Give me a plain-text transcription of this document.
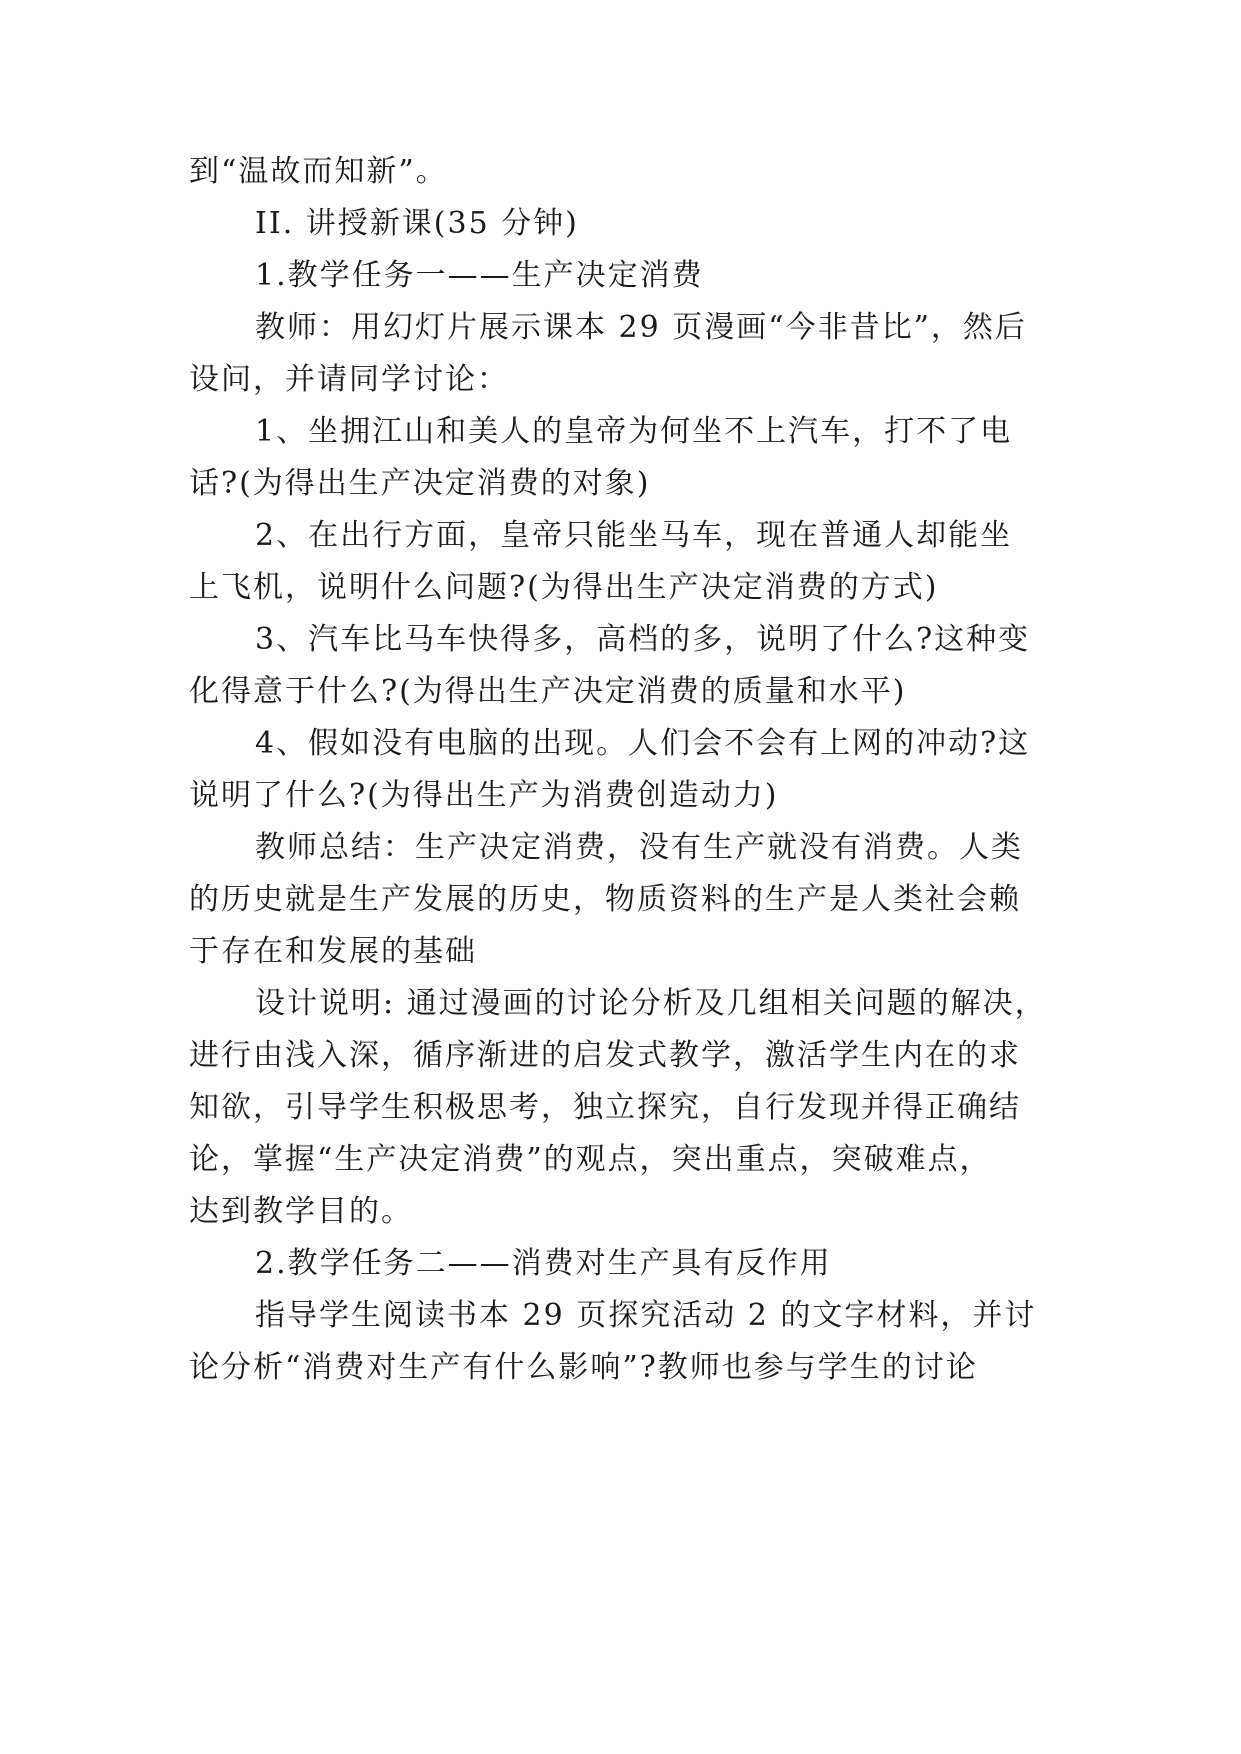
到“温故而知新”。
II. 讲授新课(35 分钟)
1.教学任务一——生产决定消费
教师：用幻灯片展示课本 29 页漫画“今非昔比”，然后
设问，并请同学讨论：
1、坐拥江山和美人的皇帝为何坐不上汽车，打不了电
话?(为得出生产决定消费的对象)
2、在出行方面，皇帝只能坐马车，现在普通人却能坐
上飞机，说明什么问题?(为得出生产决定消费的方式)
3、汽车比马车快得多，高档的多，说明了什么?这种变
化得意于什么?(为得出生产决定消费的质量和水平)
4、假如没有电脑的出现。人们会不会有上网的冲动?这
说明了什么?(为得出生产为消费创造动力)
教师总结：生产决定消费，没有生产就没有消费。人类
的历史就是生产发展的历史，物质资料的生产是人类社会赖
于存在和发展的基础
设计说明: 通过漫画的讨论分析及几组相关问题的解决，
进行由浅入深，循序渐进的启发式教学，激活学生内在的求
知欲，引导学生积极思考，独立探究，自行发现并得正确结
论，掌握“生产决定消费”的观点，突出重点，突破难点，
达到教学目的。
2.教学任务二——消费对生产具有反作用
指导学生阅读书本 29 页探究活动 2 的文字材料，并讨
论分析“消费对生产有什么影响”?教师也参与学生的讨论
